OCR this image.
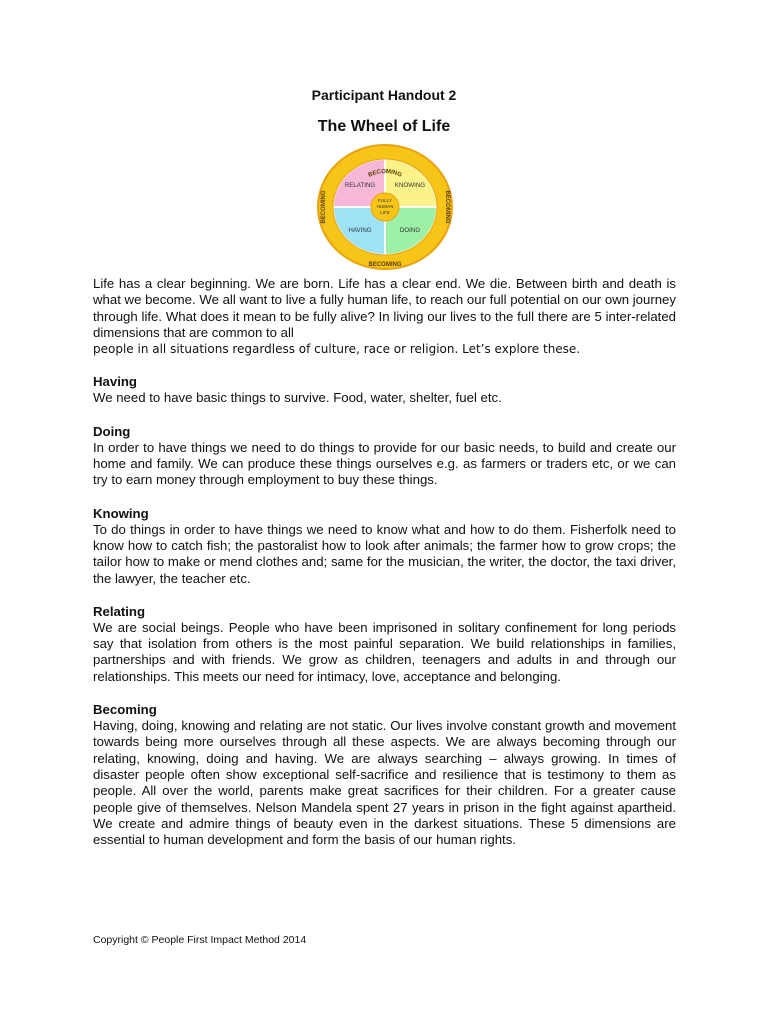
Participant Handout 2
The Wheel of Life
BECOMING
BECOMING
BECOMING	BECOMING
RELATING	KNOWING
HAVING	DOING
FULLY
HUMAN
LIFE

Life has a clear beginning. We are born. Life has a clear end. We die. Between birth and death is what we become. We all want to live a fully human life, to reach our full potential on our own journey through life. What does it mean to be fully alive? In living our lives to the full there are 5 inter-related dimensions that are common to all

people in all situations regardless of culture, race or religion. Let’s explore these.

Having

We need to have basic things to survive. Food, water, shelter, fuel etc.

Doing

In order to have things we need to do things to provide for our basic needs, to build and create our home and family. We can produce these things ourselves e.g. as farmers or traders etc, or we can try to earn money through employment to buy these things.

Knowing

To do things in order to have things we need to know what and how to do them. Fisherfolk need to know how to catch fish; the pastoralist how to look after animals; the farmer how to grow crops; the tailor how to make or mend clothes and; same for the musician, the writer, the doctor, the taxi driver, the lawyer, the teacher etc.

Relating

We are social beings. People who have been imprisoned in solitary confinement for long periods say that isolation from others is the most painful separation. We build relationships in families, partnerships and with friends. We grow as children, teenagers and adults in and through our relationships. This meets our need for intimacy, love, acceptance and belonging.

Becoming

Having, doing, knowing and relating are not static. Our lives involve constant growth and movement towards being more ourselves through all these aspects. We are always becoming through our relating, knowing, doing and having. We are always searching – always growing. In times of disaster people often show exceptional self-sacrifice and resilience that is testimony to them as people. All over the world, parents make great sacrifices for their children. For a greater cause people give of themselves. Nelson Mandela spent 27 years in prison in the fight against apartheid. We create and admire things of beauty even in the darkest situations. These 5 dimensions are essential to human development and form the basis of our human rights.

Copyright © People First Impact Method 2014
